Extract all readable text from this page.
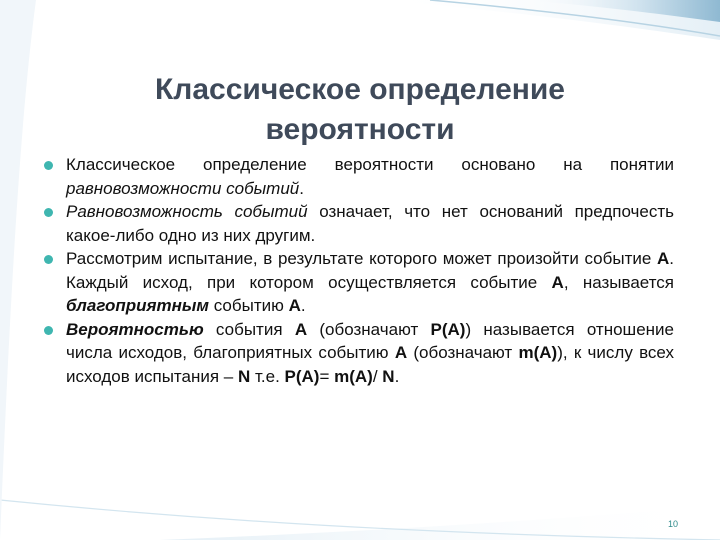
Классическое определение
вероятности
Классическое определение вероятности основано на понятии равновозможности событий.
Равновозможность событий означает, что нет оснований предпочесть какое-либо одно из них другим.
Рассмотрим испытание, в результате которого может произойти событие А. Каждый исход, при котором осуществляется событие А, называется благоприятным событию А.
Вероятностью события А (обозначают Р(А)) называется отношение числа исходов, благоприятных событию А (обозначают m(А)), к числу всех исходов испытания – N т.е. Р(А)= m(А)/ N.
10
